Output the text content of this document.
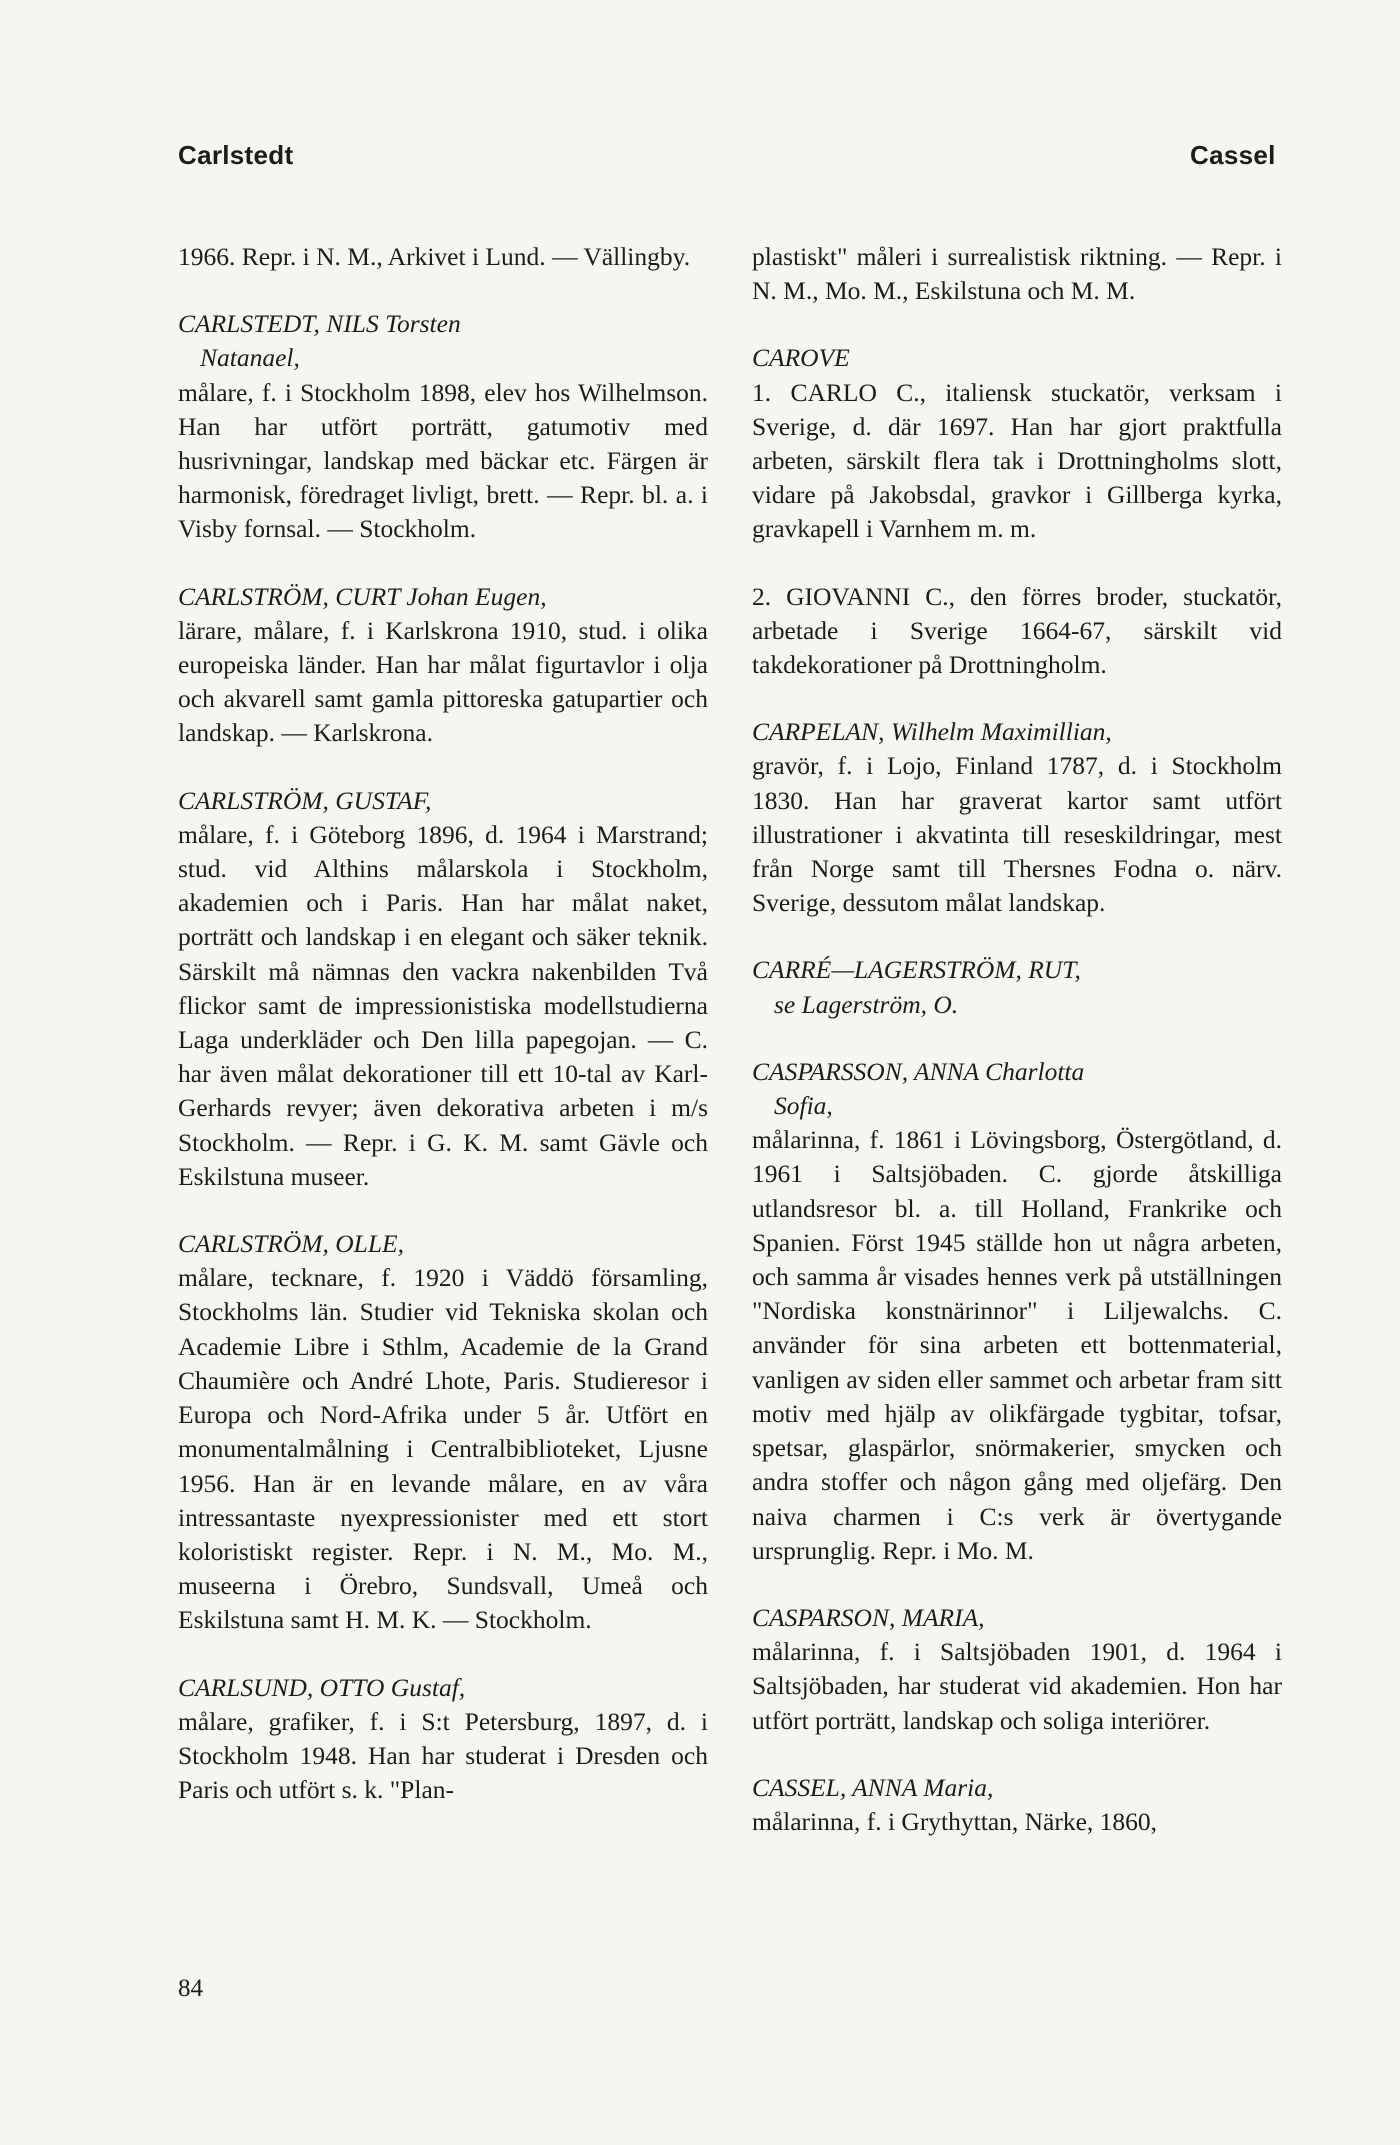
Carlstedt	Cassel

1966. Repr. i N. M., Arkivet i Lund. — Vällingby.

CARLSTEDT, NILS Torsten
Natanael,

målare, f. i Stockholm 1898, elev hos Wilhelmson. Han har utfört porträtt, gatumotiv med husrivningar, landskap med bäckar etc. Färgen är harmonisk, föredraget livligt, brett. — Repr. bl. a. i Visby fornsal. — Stockholm.

CARLSTRÖM, CURT Johan Eugen,

lärare, målare, f. i Karlskrona 1910, stud. i olika europeiska länder. Han har målat figurtavlor i olja och akvarell samt gamla pittoreska gatupartier och landskap. — Karlskrona.

CARLSTRÖM, GUSTAF,

målare, f. i Göteborg 1896, d. 1964 i Marstrand; stud. vid Althins målarskola i Stockholm, akademien och i Paris. Han har målat naket, porträtt och landskap i en elegant och säker teknik. Särskilt må nämnas den vackra nakenbilden Två flickor samt de impressionistiska modellstudierna Laga underkläder och Den lilla papegojan. — C. har även målat dekorationer till ett 10-tal av Karl-Gerhards revyer; även dekorativa arbeten i m/s Stockholm. — Repr. i G. K. M. samt Gävle och Eskilstuna museer.

CARLSTRÖM, OLLE,

målare, tecknare, f. 1920 i Väddö församling, Stockholms län. Studier vid Tekniska skolan och Academie Libre i Sthlm, Academie de la Grand Chaumière och André Lhote, Paris. Studieresor i Europa och Nord-Afrika under 5 år. Utfört en monumentalmålning i Centralbiblioteket, Ljusne 1956. Han är en levande målare, en av våra intressantaste nyexpressionister med ett stort koloristiskt register. Repr. i N. M., Mo. M., museerna i Örebro, Sundsvall, Umeå och Eskilstuna samt H. M. K. — Stockholm.

CARLSUND, OTTO Gustaf,

målare, grafiker, f. i S:t Petersburg, 1897, d. i Stockholm 1948. Han har studerat i Dresden och Paris och utfört s. k. "Plan-

plastiskt" måleri i surrealistisk riktning. — Repr. i N. M., Mo. M., Eskilstuna och M. M.

CAROVE

1. CARLO C., italiensk stuckatör, verksam i Sverige, d. där 1697. Han har gjort praktfulla arbeten, särskilt flera tak i Drottningholms slott, vidare på Jakobsdal, gravkor i Gillberga kyrka, gravkapell i Varnhem m. m.

2. GIOVANNI C., den förres broder, stuckatör, arbetade i Sverige 1664-67, särskilt vid takdekorationer på Drottningholm.

CARPELAN, Wilhelm Maximillian,

gravör, f. i Lojo, Finland 1787, d. i Stockholm 1830. Han har graverat kartor samt utfört illustrationer i akvatinta till reseskildringar, mest från Norge samt till Thersnes Fodna o. närv. Sverige, dessutom målat landskap.

CARRÉ—LAGERSTRÖM, RUT,
se Lagerström, O.
CASPARSSON, ANNA Charlotta
Sofia,

målarinna, f. 1861 i Lövingsborg, Östergötland, d. 1961 i Saltsjöbaden. C. gjorde åtskilliga utlandsresor bl. a. till Holland, Frankrike och Spanien. Först 1945 ställde hon ut några arbeten, och samma år visades hennes verk på utställningen "Nordiska konstnärinnor" i Liljewalchs. C. använder för sina arbeten ett bottenmaterial, vanligen av siden eller sammet och arbetar fram sitt motiv med hjälp av olikfärgade tygbitar, tofsar, spetsar, glaspärlor, snörmakerier, smycken och andra stoffer och någon gång med oljefärg. Den naiva charmen i C:s verk är övertygande ursprunglig. Repr. i Mo. M.

CASPARSON, MARIA,

målarinna, f. i Saltsjöbaden 1901, d. 1964 i Saltsjöbaden, har studerat vid akademien. Hon har utfört porträtt, landskap och soliga interiörer.

CASSEL, ANNA Maria,

målarinna, f. i Grythyttan, Närke, 1860,

84
